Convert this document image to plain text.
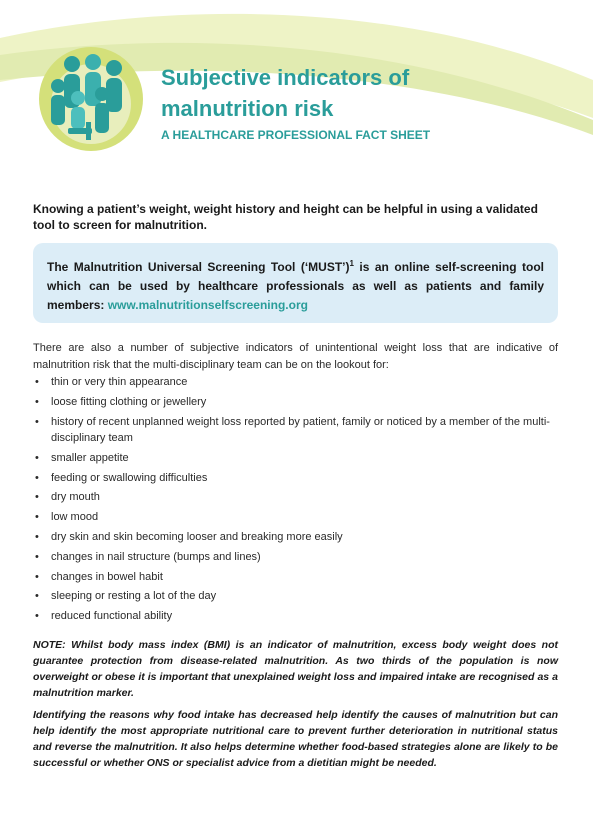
Subjective indicators of malnutrition risk
A HEALTHCARE PROFESSIONAL FACT SHEET
Knowing a patient’s weight, weight history and height can be helpful in using a validated tool to screen for malnutrition.
The Malnutrition Universal Screening Tool (‘MUST’)$^1$ is an online self-screening tool which can be used by healthcare professionals as well as patients and family members: www.malnutritionselfscreening.org
There are also a number of subjective indicators of unintentional weight loss that are indicative of malnutrition risk that the multi-disciplinary team can be on the lookout for:
• thin or very thin appearance
• loose fitting clothing or jewellery
• history of recent unplanned weight loss reported by patient, family or noticed by a member of the multi-disciplinary team
• smaller appetite
• feeding or swallowing difficulties
• dry mouth
• low mood
• dry skin and skin becoming looser and breaking more easily
• changes in nail structure (bumps and lines)
• changes in bowel habit
• sleeping or resting a lot of the day
• reduced functional ability
NOTE: Whilst body mass index (BMI) is an indicator of malnutrition, excess body weight does not guarantee protection from disease-related malnutrition. As two thirds of the population is now overweight or obese it is important that unexplained weight loss and impaired intake are recognised as a malnutrition marker.
Identifying the reasons why food intake has decreased help identify the causes of malnutrition but can help identify the most appropriate nutritional care to prevent further deterioration in nutritional status and reverse the malnutrition. It also helps determine whether food-based strategies alone are likely to be successful or whether ONS or specialist advice from a dietitian might be needed.
